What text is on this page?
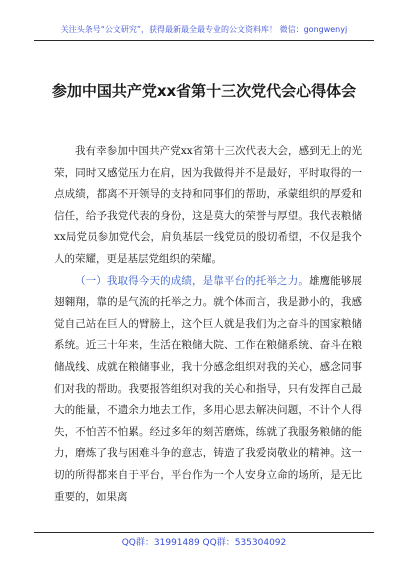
关注头条号“公文研究”，获得最新最全最专业的公文资料库！ 微信：gongwenyj
参加中国共产党xx省第十三次党代会心得体会

我有幸参加中国共产党xx省第十三次代表大会，感到无上的光荣，同时又感觉压力在肩，因为我做得并不是最好，平时取得的一点成绩，都离不开领导的支持和同事们的帮助，承蒙组织的厚爱和信任，给予我党代表的身份，这是莫大的荣誉与厚望。我代表粮储xx局党员参加党代会，肩负基层一线党员的殷切希望，不仅是我个人的荣耀，更是基层党组织的荣耀。

（一）我取得今天的成绩，是靠平台的托举之力。雄鹰能够展翅翱翔，靠的是气流的托举之力。就个体而言，我是渺小的，我感觉自己站在巨人的臂膀上，这个巨人就是我们为之奋斗的国家粮储系统。近三十年来，生活在粮储大院、工作在粮储系统、奋斗在粮储战线、成就在粮储事业，我十分感念组织对我的关心，感念同事们对我的帮助。我要报答组织对我的关心和指导，只有发挥自己最大的能量，不遗余力地去工作，多用心思去解决问题，不计个人得失，不怕苦不怕累。经过多年的刻苦磨炼，练就了我服务粮储的能力，磨炼了我与困难斗争的意志，铸造了我爱岗敬业的精神。这一切的所得都来自于平台，平台作为一个人安身立命的场所，是无比重要的，如果离

QQ群：31991489 QQ群：535304092
